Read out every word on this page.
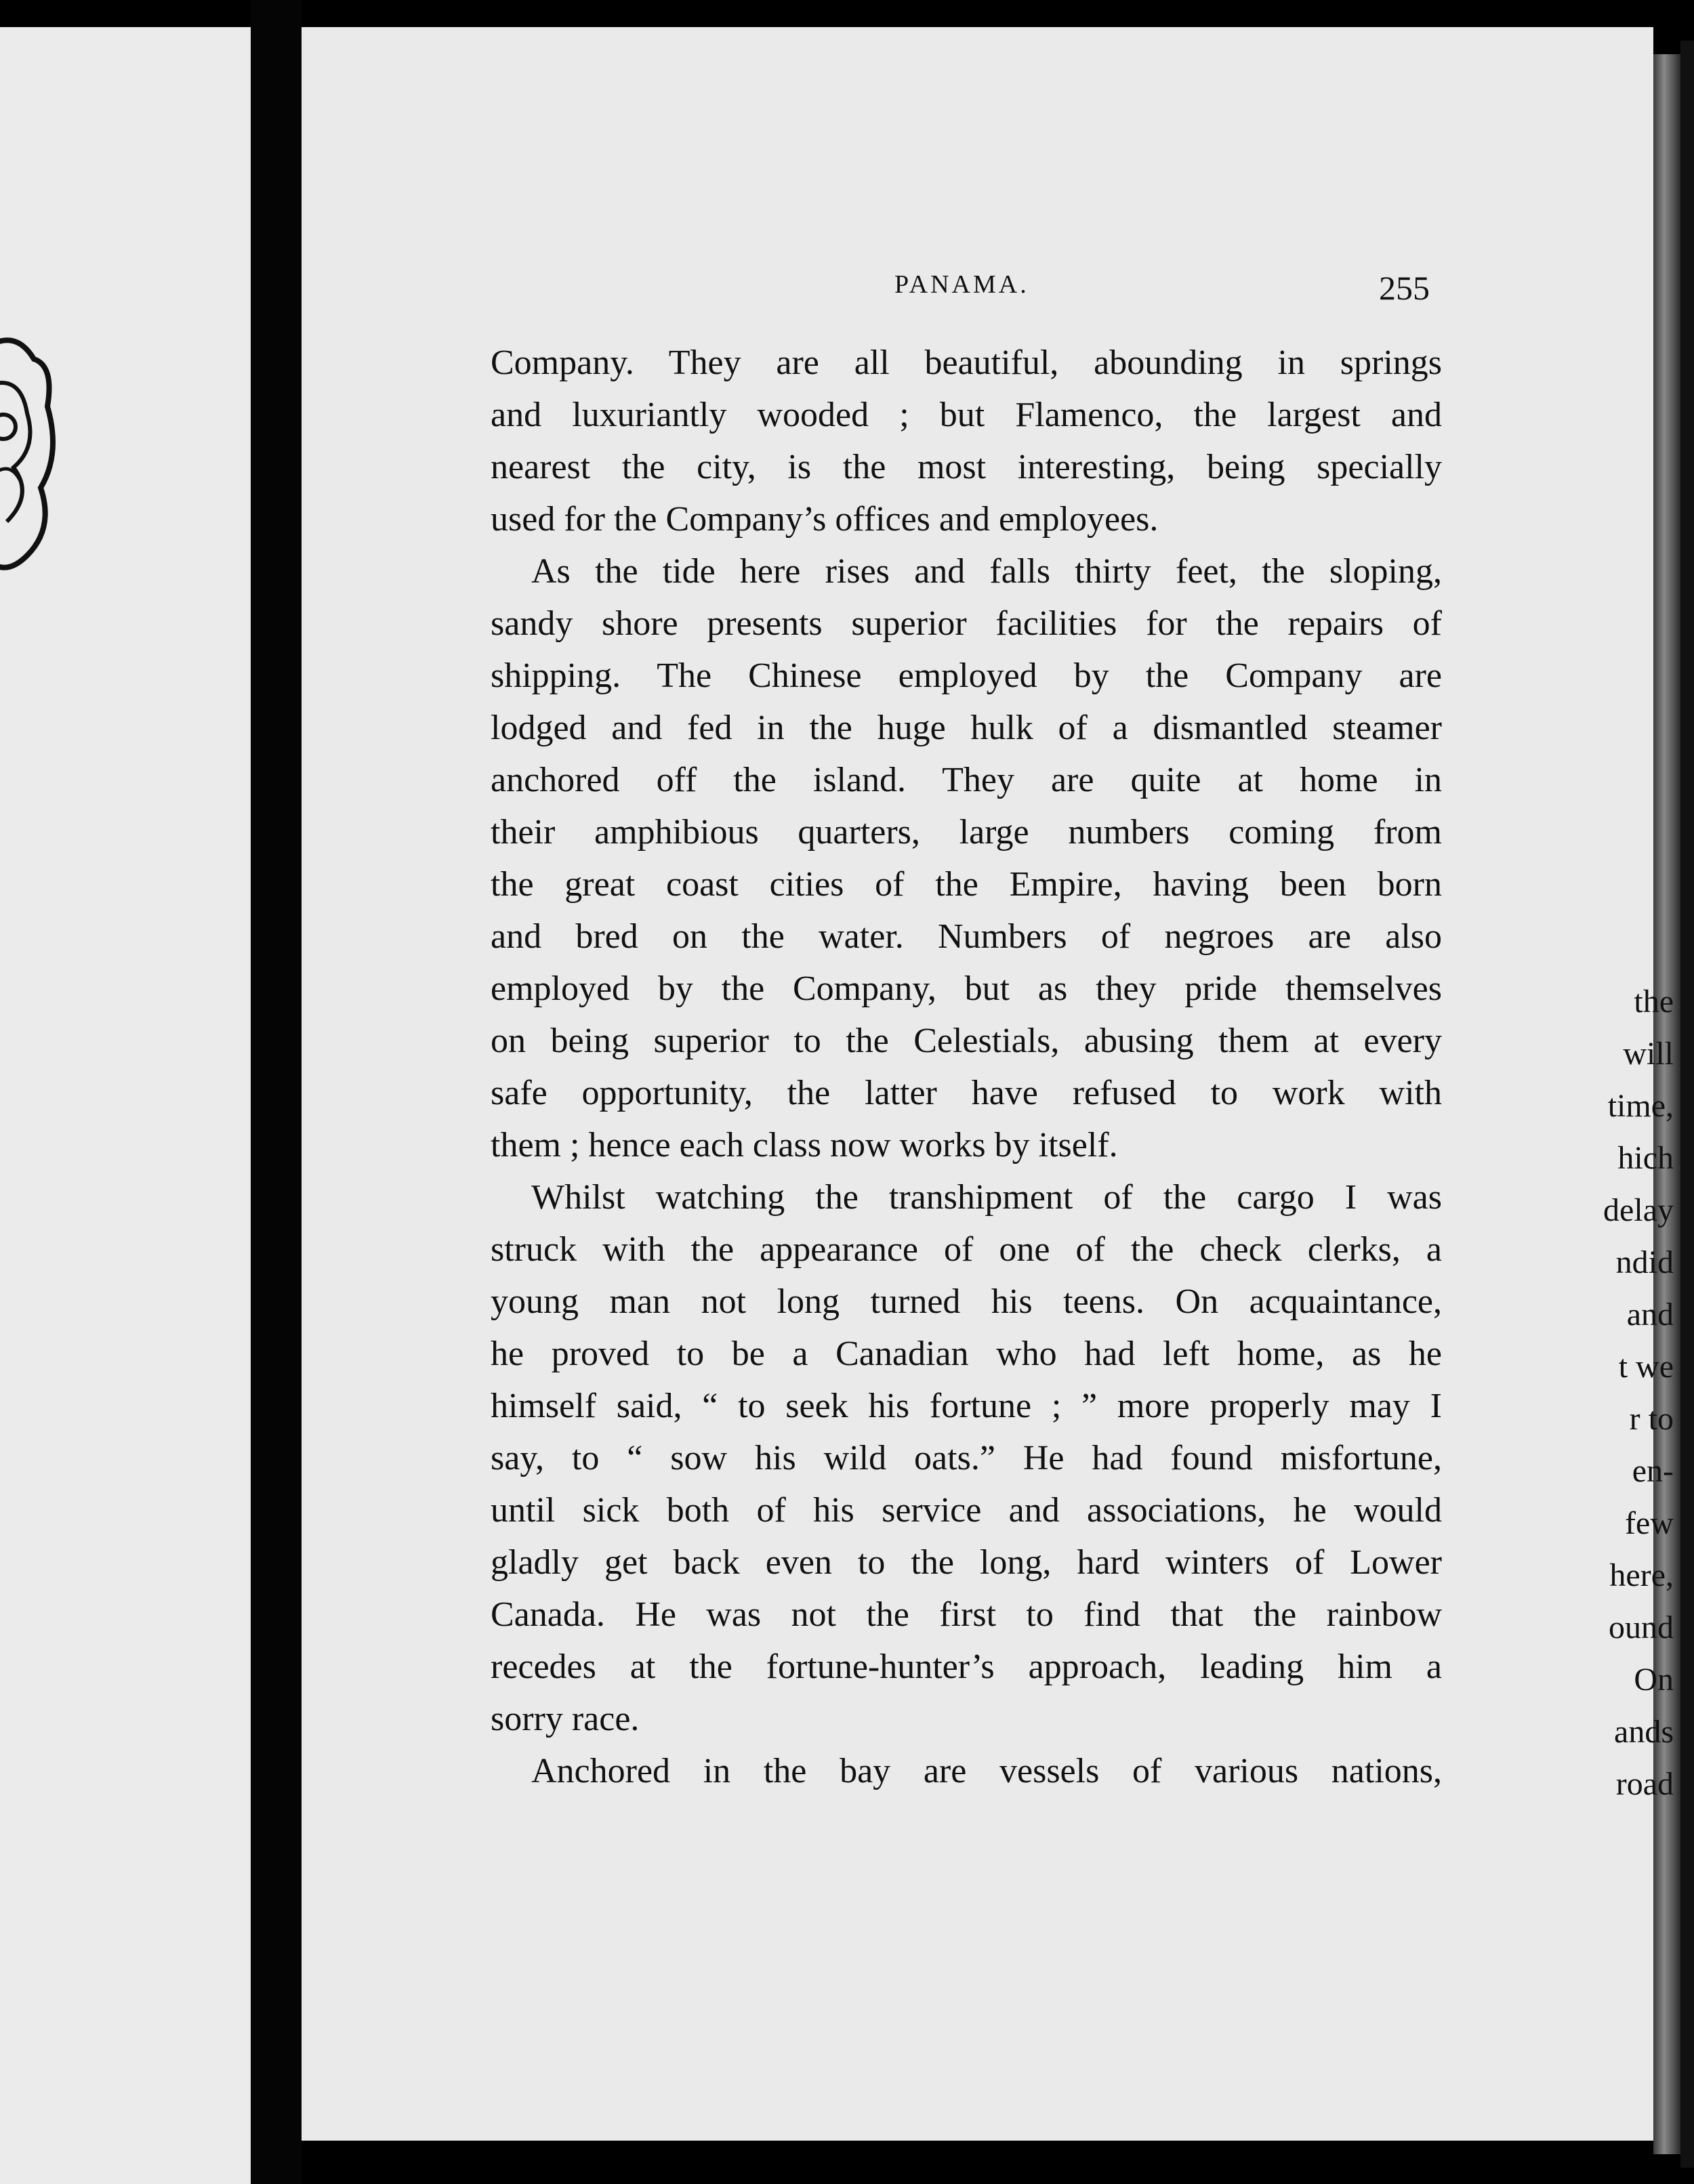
the
will
time,
hich
delay
ndid
and
t we
r to
en-
few
here,
ound
On
ands
road
PANAMA.	255
Company. They are all beautiful, abounding in springs
and luxuriantly wooded ; but Flamenco, the largest and
nearest the city, is the most interesting, being specially
used for the Company’s offices and employees.
As the tide here rises and falls thirty feet, the sloping,
sandy shore presents superior facilities for the repairs of
shipping. The Chinese employed by the Company are
lodged and fed in the huge hulk of a dismantled steamer
anchored off the island. They are quite at home in
their amphibious quarters, large numbers coming from
the great coast cities of the Empire, having been born
and bred on the water. Numbers of negroes are also
employed by the Company, but as they pride themselves
on being superior to the Celestials, abusing them at every
safe opportunity, the latter have refused to work with
them ; hence each class now works by itself.
Whilst watching the transhipment of the cargo I was
struck with the appearance of one of the check clerks, a
young man not long turned his teens. On acquaintance,
he proved to be a Canadian who had left home, as he
himself said, “ to seek his fortune ; ” more properly may I
say, to “ sow his wild oats.” He had found misfortune,
until sick both of his service and associations, he would
gladly get back even to the long, hard winters of Lower
Canada. He was not the first to find that the rainbow
recedes at the fortune-hunter’s approach, leading him a
sorry race.
Anchored in the bay are vessels of various nations,
